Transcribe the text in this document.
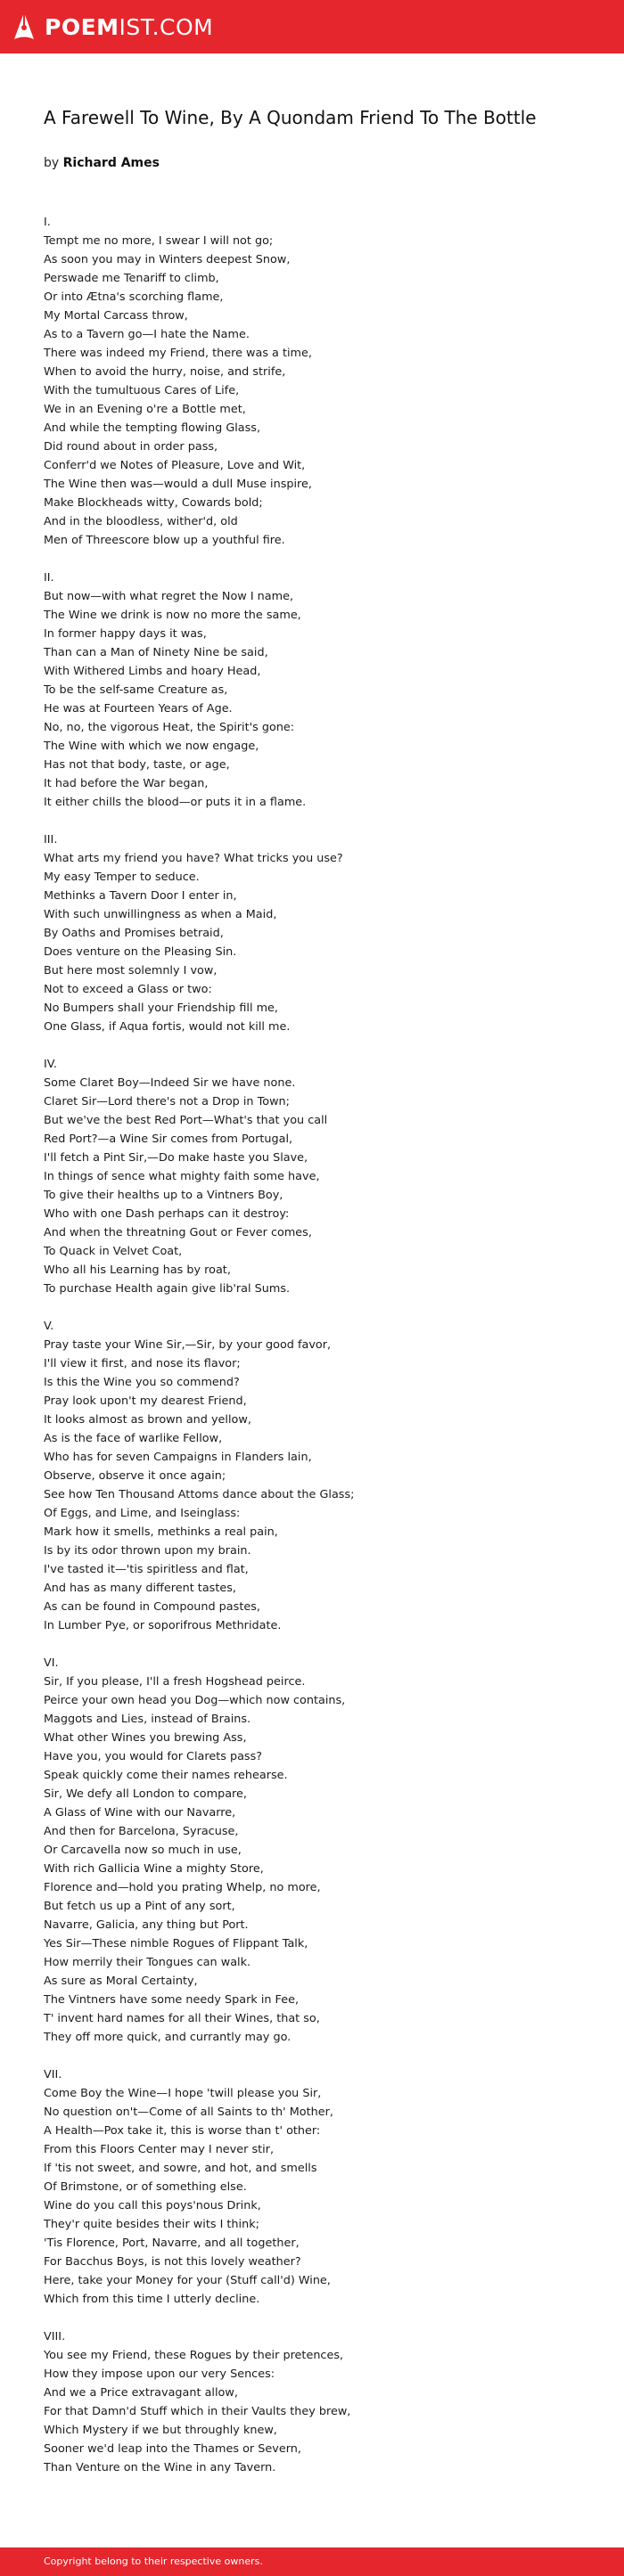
POEMIST.COM
A Farewell To Wine, By A Quondam Friend To The Bottle
by Richard Ames
I.
Tempt me no more, I swear I will not go;
As soon you may in Winters deepest Snow,
Perswade me Tenariff to climb,
Or into Ætna's scorching flame,
My Mortal Carcass throw,
As to a Tavern go—I hate the Name.
There was indeed my Friend, there was a time,
When to avoid the hurry, noise, and strife,
With the tumultuous Cares of Life,
We in an Evening o're a Bottle met,
And while the tempting flowing Glass,
Did round about in order pass,
Conferr'd we Notes of Pleasure, Love and Wit,
The Wine then was—would a dull Muse inspire,
Make Blockheads witty, Cowards bold;
And in the bloodless, wither'd, old
Men of Threescore blow up a youthful fire.
II.
But now—with what regret the Now I name,
The Wine we drink is now no more the same,
In former happy days it was,
Than can a Man of Ninety Nine be said,
With Withered Limbs and hoary Head,
To be the self-same Creature as,
He was at Fourteen Years of Age.
No, no, the vigorous Heat, the Spirit's gone:
The Wine with which we now engage,
Has not that body, taste, or age,
It had before the War began,
It either chills the blood—or puts it in a flame.
III.
What arts my friend you have? What tricks you use?
My easy Temper to seduce.
Methinks a Tavern Door I enter in,
With such unwillingness as when a Maid,
By Oaths and Promises betraid,
Does venture on the Pleasing Sin.
But here most solemnly I vow,
Not to exceed a Glass or two:
No Bumpers shall your Friendship fill me,
One Glass, if Aqua fortis, would not kill me.
IV.
Some Claret Boy—Indeed Sir we have none.
Claret Sir—Lord there's not a Drop in Town;
But we've the best Red Port—What's that you call
Red Port?—a Wine Sir comes from Portugal,
I'll fetch a Pint Sir,—Do make haste you Slave,
In things of sence what mighty faith some have,
To give their healths up to a Vintners Boy,
Who with one Dash perhaps can it destroy:
And when the threatning Gout or Fever comes,
To Quack in Velvet Coat,
Who all his Learning has by roat,
To purchase Health again give lib'ral Sums.
V.
Pray taste your Wine Sir,—Sir, by your good favor,
I'll view it first, and nose its flavor;
Is this the Wine you so commend?
Pray look upon't my dearest Friend,
It looks almost as brown and yellow,
As is the face of warlike Fellow,
Who has for seven Campaigns in Flanders lain,
Observe, observe it once again;
See how Ten Thousand Attoms dance about the Glass;
Of Eggs, and Lime, and Iseinglass:
Mark how it smells, methinks a real pain,
Is by its odor thrown upon my brain.
I've tasted it—'tis spiritless and flat,
And has as many different tastes,
As can be found in Compound pastes,
In Lumber Pye, or soporifrous Methridate.
VI.
Sir, If you please, I'll a fresh Hogshead peirce.
Peirce your own head you Dog—which now contains,
Maggots and Lies, instead of Brains.
What other Wines you brewing Ass,
Have you, you would for Clarets pass?
Speak quickly come their names rehearse.
Sir, We defy all London to compare,
A Glass of Wine with our Navarre,
And then for Barcelona, Syracuse,
Or Carcavella now so much in use,
With rich Gallicia Wine a mighty Store,
Florence and—hold you prating Whelp, no more,
But fetch us up a Pint of any sort,
Navarre, Galicia, any thing but Port.
Yes Sir—These nimble Rogues of Flippant Talk,
How merrily their Tongues can walk.
As sure as Moral Certainty,
The Vintners have some needy Spark in Fee,
T' invent hard names for all their Wines, that so,
They off more quick, and currantly may go.
VII.
Come Boy the Wine—I hope 'twill please you Sir,
No question on't—Come of all Saints to th' Mother,
A Health—Pox take it, this is worse than t' other:
From this Floors Center may I never stir,
If 'tis not sweet, and sowre, and hot, and smells
Of Brimstone, or of something else.
Wine do you call this poys'nous Drink,
They'r quite besides their wits I think;
'Tis Florence, Port, Navarre, and all together,
For Bacchus Boys, is not this lovely weather?
Here, take your Money for your (Stuff call'd) Wine,
Which from this time I utterly decline.
VIII.
You see my Friend, these Rogues by their pretences,
How they impose upon our very Sences:
And we a Price extravagant allow,
For that Damn'd Stuff which in their Vaults they brew,
Which Mystery if we but throughly knew,
Sooner we'd leap into the Thames or Severn,
Than Venture on the Wine in any Tavern.
Copyright belong to their respective owners.
